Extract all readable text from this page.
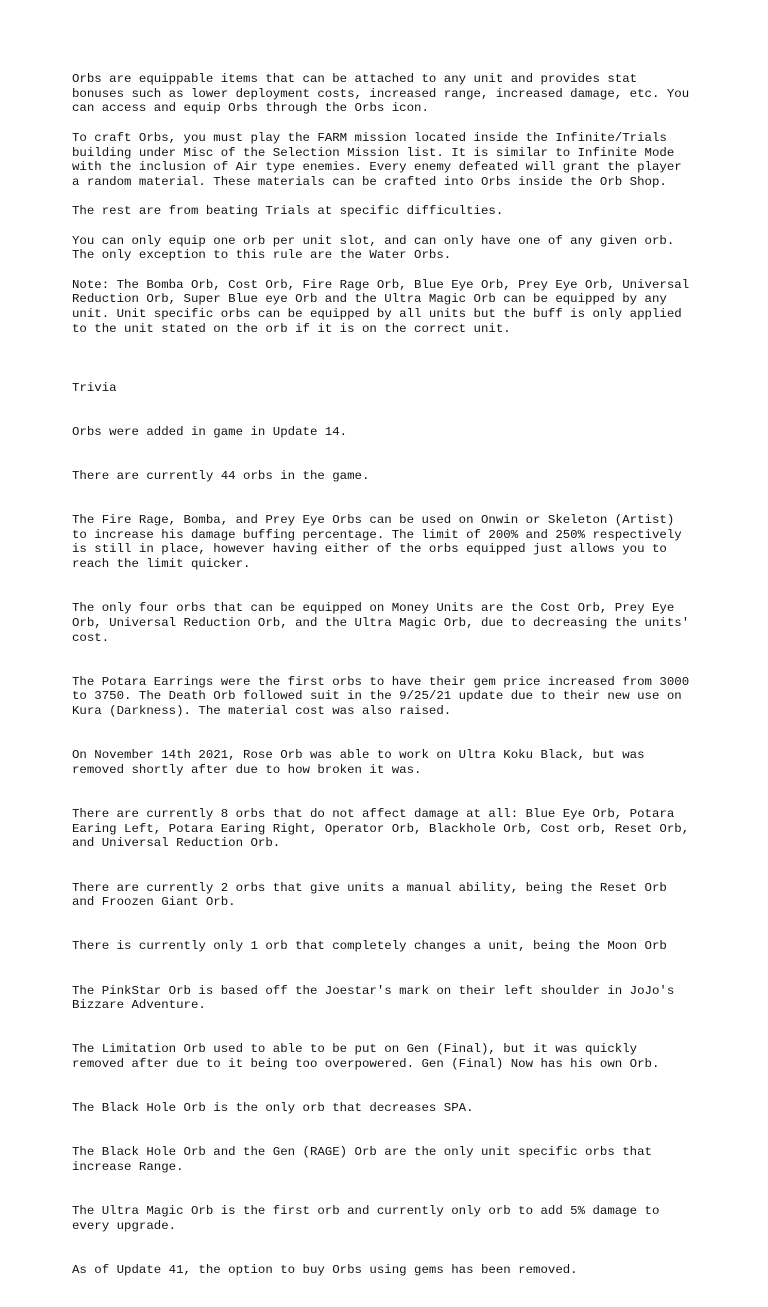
Orbs are equippable items that can be attached to any unit and provides stat
bonuses such as lower deployment costs, increased range, increased damage, etc. You
can access and equip Orbs through the Orbs icon.

To craft Orbs, you must play the FARM mission located inside the Infinite/Trials
building under Misc of the Selection Mission list. It is similar to Infinite Mode
with the inclusion of Air type enemies. Every enemy defeated will grant the player
a random material. These materials can be crafted into Orbs inside the Orb Shop.

The rest are from beating Trials at specific difficulties.

You can only equip one orb per unit slot, and can only have one of any given orb.
The only exception to this rule are the Water Orbs.

Note: The Bomba Orb, Cost Orb, Fire Rage Orb, Blue Eye Orb, Prey Eye Orb, Universal
Reduction Orb, Super Blue eye Orb and the Ultra Magic Orb can be equipped by any
unit. Unit specific orbs can be equipped by all units but the buff is only applied
to the unit stated on the orb if it is on the correct unit.

Trivia

Orbs were added in game in Update 14.

There are currently 44 orbs in the game.

The Fire Rage, Bomba, and Prey Eye Orbs can be used on Onwin or Skeleton (Artist)
to increase his damage buffing percentage. The limit of 200% and 250% respectively
is still in place, however having either of the orbs equipped just allows you to
reach the limit quicker.

The only four orbs that can be equipped on Money Units are the Cost Orb, Prey Eye
Orb, Universal Reduction Orb, and the Ultra Magic Orb, due to decreasing the units'
cost.

The Potara Earrings were the first orbs to have their gem price increased from 3000
to 3750. The Death Orb followed suit in the 9/25/21 update due to their new use on
Kura (Darkness). The material cost was also raised.

On November 14th 2021, Rose Orb was able to work on Ultra Koku Black, but was
removed shortly after due to how broken it was.

There are currently 8 orbs that do not affect damage at all: Blue Eye Orb, Potara
Earing Left, Potara Earing Right, Operator Orb, Blackhole Orb, Cost orb, Reset Orb,
and Universal Reduction Orb.

There are currently 2 orbs that give units a manual ability, being the Reset Orb
and Froozen Giant Orb.

There is currently only 1 orb that completely changes a unit, being the Moon Orb

The PinkStar Orb is based off the Joestar's mark on their left shoulder in JoJo's
Bizzare Adventure.

The Limitation Orb used to able to be put on Gen (Final), but it was quickly
removed after due to it being too overpowered. Gen (Final) Now has his own Orb.

The Black Hole Orb is the only orb that decreases SPA.

The Black Hole Orb and the Gen (RAGE) Orb are the only unit specific orbs that
increase Range.

The Ultra Magic Orb is the first orb and currently only orb to add 5% damage to
every upgrade.

As of Update 41, the option to buy Orbs using gems has been removed.
